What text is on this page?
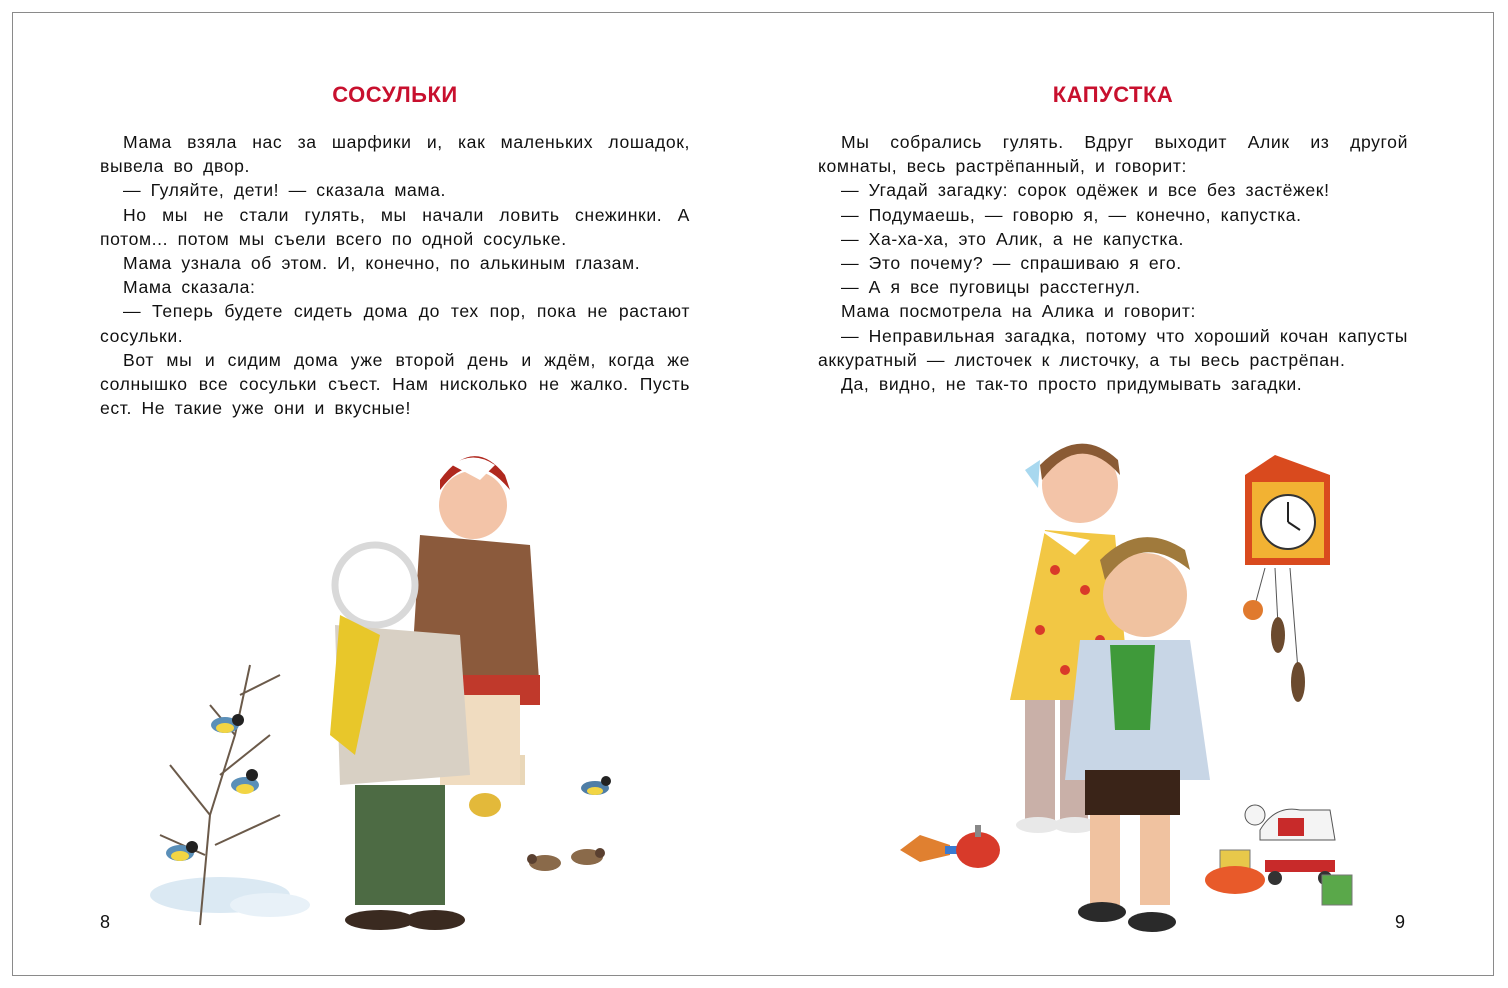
СОСУЛЬКИ

Мама взяла нас за шарфики и, как маленьких лошадок, вывела во двор.

— Гуляйте, дети! — сказала мама.

Но мы не стали гулять, мы начали ловить снежинки. А потом... потом мы съели всего по одной сосульке.

Мама узнала об этом. И, конечно, по алькиным глазам.

Мама сказала:

— Теперь будете сидеть дома до тех пор, пока не растают сосульки.

Вот мы и сидим дома уже второй день и ждём, когда же солнышко все сосульки съест. Нам нисколько не жалко. Пусть ест. Не такие уже они и вкусные!

КАПУСТКА

Мы собрались гулять. Вдруг выходит Алик из другой комнаты, весь растрёпанный, и говорит:

— Угадай загадку: сорок одёжек и все без застёжек!

— Подумаешь, — говорю я, — конечно, капустка.

— Ха-ха-ха, это Алик, а не капустка.

— Это почему? — спрашиваю я его.

— А я все пуговицы расстегнул.

Мама посмотрела на Алика и говорит:

— Неправильная загадка, потому что хороший кочан капусты аккуратный — листочек к листочку, а ты весь растрёпан.

Да, видно, не так-то просто придумывать загадки.

8	9
